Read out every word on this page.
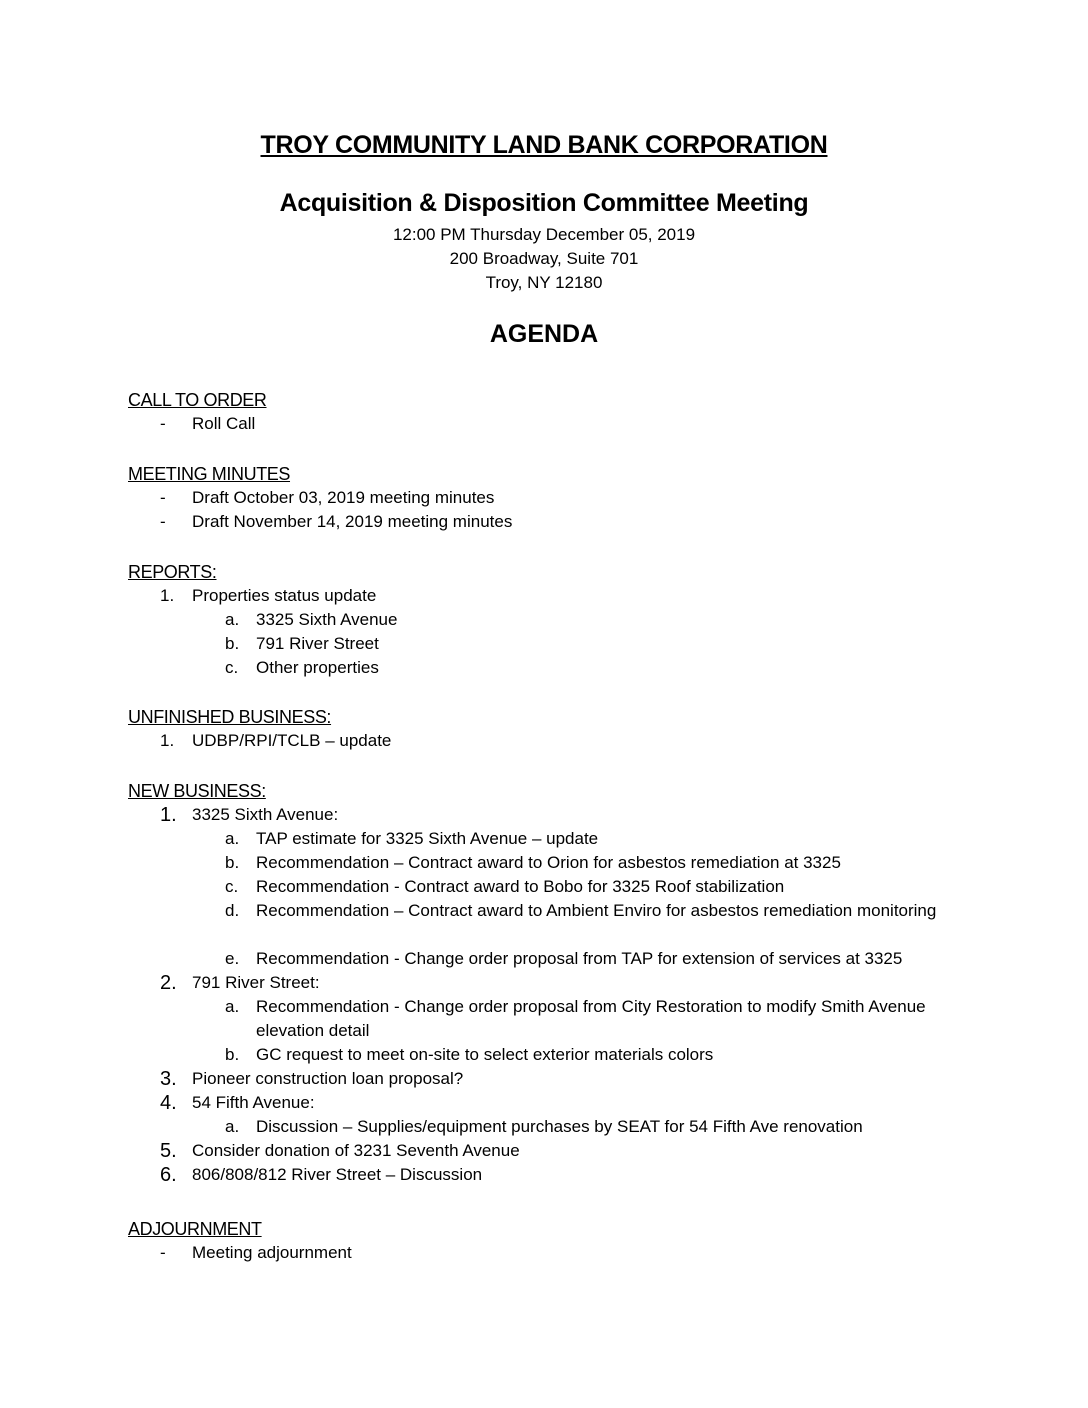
TROY COMMUNITY LAND BANK CORPORATION
Acquisition & Disposition Committee Meeting
12:00 PM Thursday December 05, 2019
200 Broadway, Suite 701
Troy, NY 12180
AGENDA
CALL TO ORDER
-	Roll Call
MEETING MINUTES
-	Draft October 03, 2019 meeting minutes
-	Draft November 14, 2019 meeting minutes
REPORTS:
1.	Properties status update
a. 3325 Sixth Avenue
b. 791 River Street
c.	Other properties
UNFINISHED BUSINESS:
1.	UDBP/RPI/TCLB – update
NEW BUSINESS:
1. 3325 Sixth Avenue:
a. TAP estimate for 3325 Sixth Avenue – update
b. Recommendation – Contract award to Orion for asbestos remediation at 3325
c.	Recommendation - Contract award to Bobo for 3325 Roof stabilization
d. Recommendation – Contract award to Ambient Enviro for asbestos remediation monitoring
e. Recommendation - Change order proposal from TAP for extension of services at 3325
2. 791 River Street:
a. Recommendation - Change order proposal from City Restoration to modify Smith Avenue elevation detail
b. GC request to meet on-site to select exterior materials colors
3. Pioneer construction loan proposal?
4. 54 Fifth Avenue:
a. Discussion – Supplies/equipment purchases by SEAT for 54 Fifth Ave renovation
5. Consider donation of 3231 Seventh Avenue
6. 806/808/812 River Street – Discussion
ADJOURNMENT
-	Meeting adjournment
